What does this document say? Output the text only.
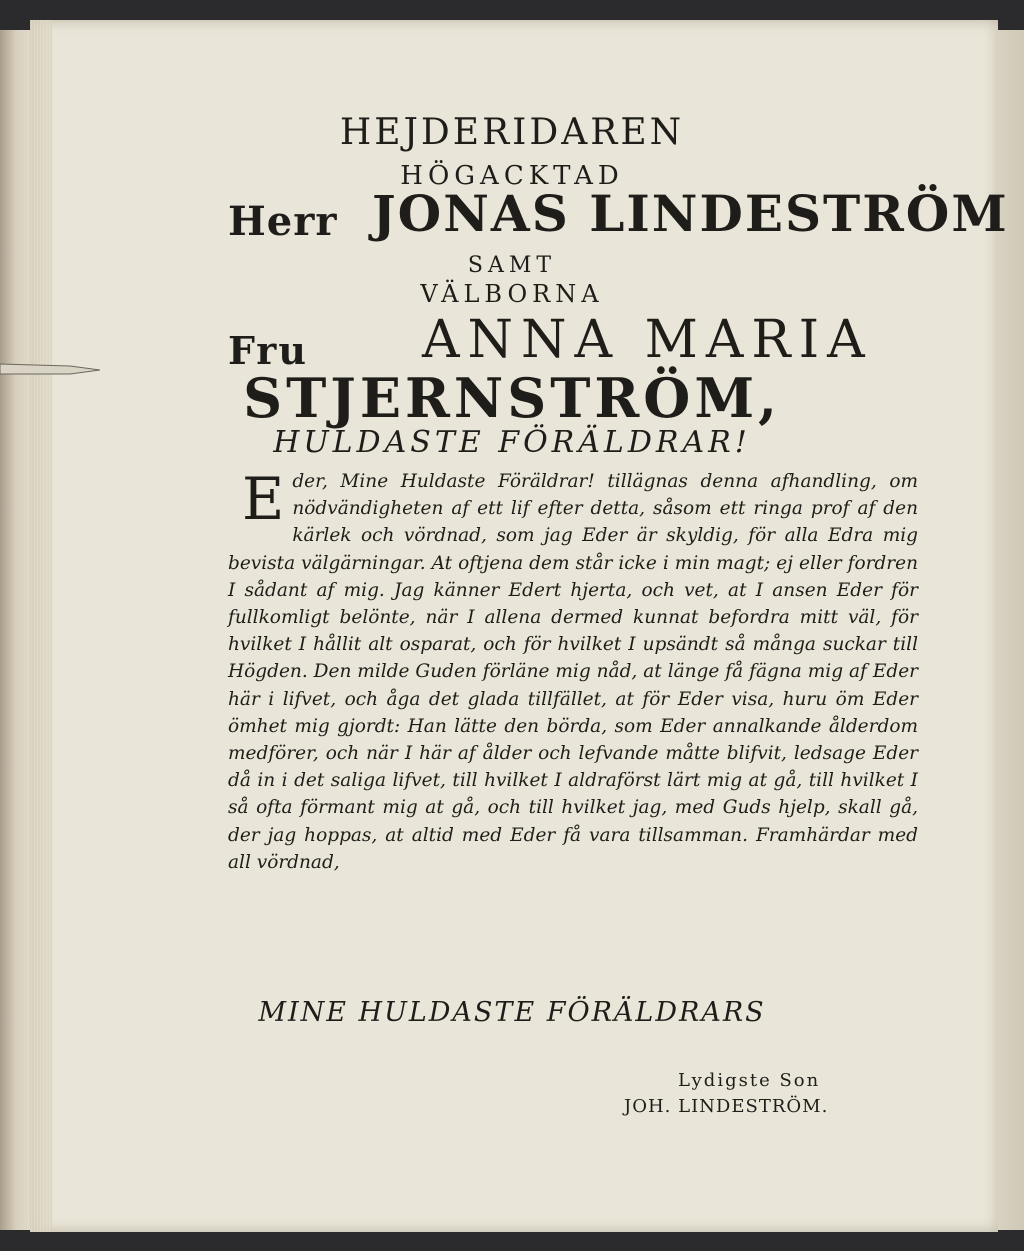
HEJDERIDAREN
HÖGACKTAD
Herr JONAS LINDESTRÖM
SAMT
VÄLBORNA
Fru ANNA MARIA
STJERNSTRÖM,
HULDASTE FÖRÄLDRAR!
Eder, Mine Huldaste Föräldrar! tillägnas denna afhandling, om nödvändigheten af ett lif efter detta, såsom ett ringa prof af den kärlek och vördnad, som jag Eder är skyldig, för alla Edra mig bevista välgärningar. At oftjena dem står icke i min magt; ej eller fordren I sådant af mig. Jag känner Edert hjerta, och vet, at I ansen Eder för fullkomligt belönte, när I allena dermed kunnat befordra mitt väl, för hvilket I hållit alt osparat, och för hvilket I upsändt så många suckar till Högden. Den milde Guden förläne mig nåd, at länge få fägna mig af Eder här i lifvet, och åga det glada tillfället, at för Eder visa, huru öm Eder ömhet mig gjordt: Han lätte den börda, som Eder annalkande ålderdom medförer, och när I här af ålder och lefvande måtte blifvit, ledsage Eder då in i det saliga lifvet, till hvilket I aldraförst lärt mig at gå, till hvilket I så ofta förmant mig at gå, och till hvilket jag, med Guds hjelp, skall gå, der jag hoppas, at altid med Eder få vara tillsamman. Framhärdar med all vördnad,
MINE HULDASTE FÖRÄLDRARS
Lydigste Son
JOH. LINDESTRÖM.
